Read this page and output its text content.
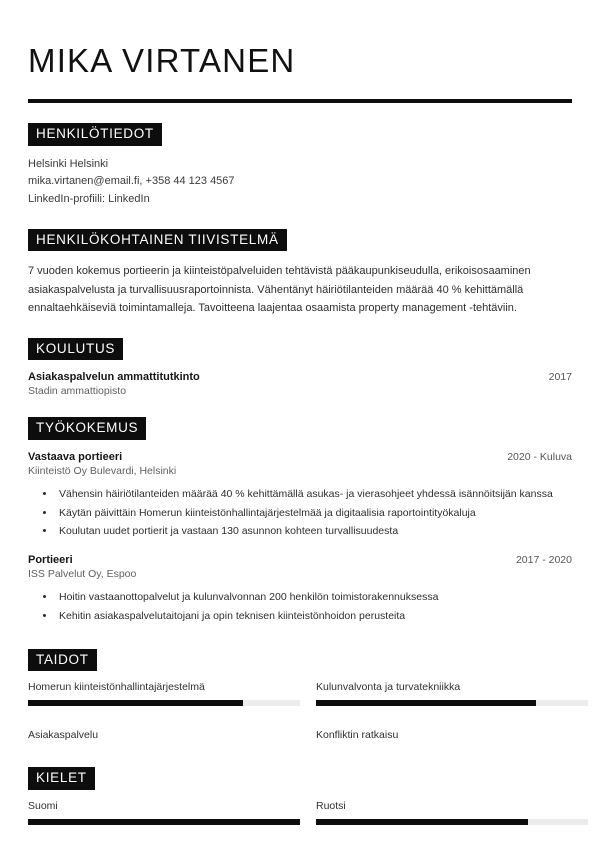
MIKA VIRTANEN
HENKILÖTIEDOT
Helsinki Helsinki
mika.virtanen@email.fi, +358 44 123 4567
LinkedIn-profiili: LinkedIn
HENKILÖKOHTAINEN TIIVISTELMÄ
7 vuoden kokemus portieerin ja kiinteistöpalveluiden tehtävistä pääkaupunkiseudulla, erikoisosaaminen asiakaspalvelusta ja turvallisuusraportoinnista. Vähentänyt häiriötilanteiden määrää 40 % kehittämällä ennaltaehkäiseviä toimintamalleja. Tavoitteena laajentaa osaamista property management -tehtäviin.
KOULUTUS
Asiakaspalvelun ammattitutkinto	2017
Stadin ammattiopisto
TYÖKOKEMUS
Vastaava portieeri	2020 - Kuluva
Kiinteistö Oy Bulevardi, Helsinki
• Vähensin häiriötilanteiden määrää 40 % kehittämällä asukas- ja vierasohjeet yhdessä isännöitsijän kanssa
• Käytän päivittäin Homerun kiinteistönhallintajärjestelmää ja digitaalisia raportointityökaluja
• Koulutan uudet portierit ja vastaan 130 asunnon kohteen turvallisuudesta
Portieeri	2017 - 2020
ISS Palvelut Oy, Espoo
• Hoitin vastaanottopalvelut ja kulunvalvonnan 200 henkilön toimistorakennuksessa
• Kehitin asiakaspalvelutaitojani ja opin teknisen kiinteistönhoidon perusteita
TAIDOT
Homerun kiinteistönhallintajärjestelmä	Kulunvalvonta ja turvatekniikka
Asiakaspalvelu	Konfliktin ratkaisu
KIELET
Suomi	Ruotsi
